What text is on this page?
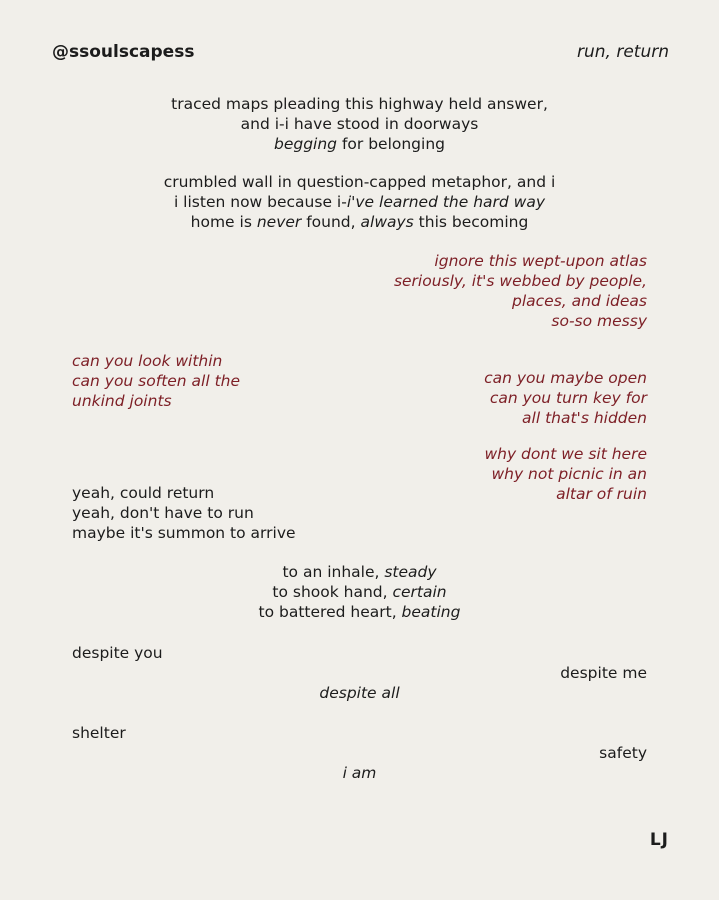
@ssoulscapess	run, return
traced maps pleading this highway held answer,
and i-i have stood in doorways
begging for belonging
crumbled wall in question-capped metaphor, and i
i listen now because i-i've learned the hard way
home is never found, always this becoming
ignore this wept-upon atlas
seriously, it's webbed by people,
places, and ideas
so-so messy
can you look within
can you soften all the
unkind joints
can you maybe open
can you turn key for
all that's hidden
why dont we sit here
why not picnic in an
altar of ruin
yeah, could return
yeah, don't have to run
maybe it's summon to arrive
to an inhale, steady
to shook hand, certain
to battered heart, beating
despite you
despite me
despite all
shelter
safety
i am
LJ
